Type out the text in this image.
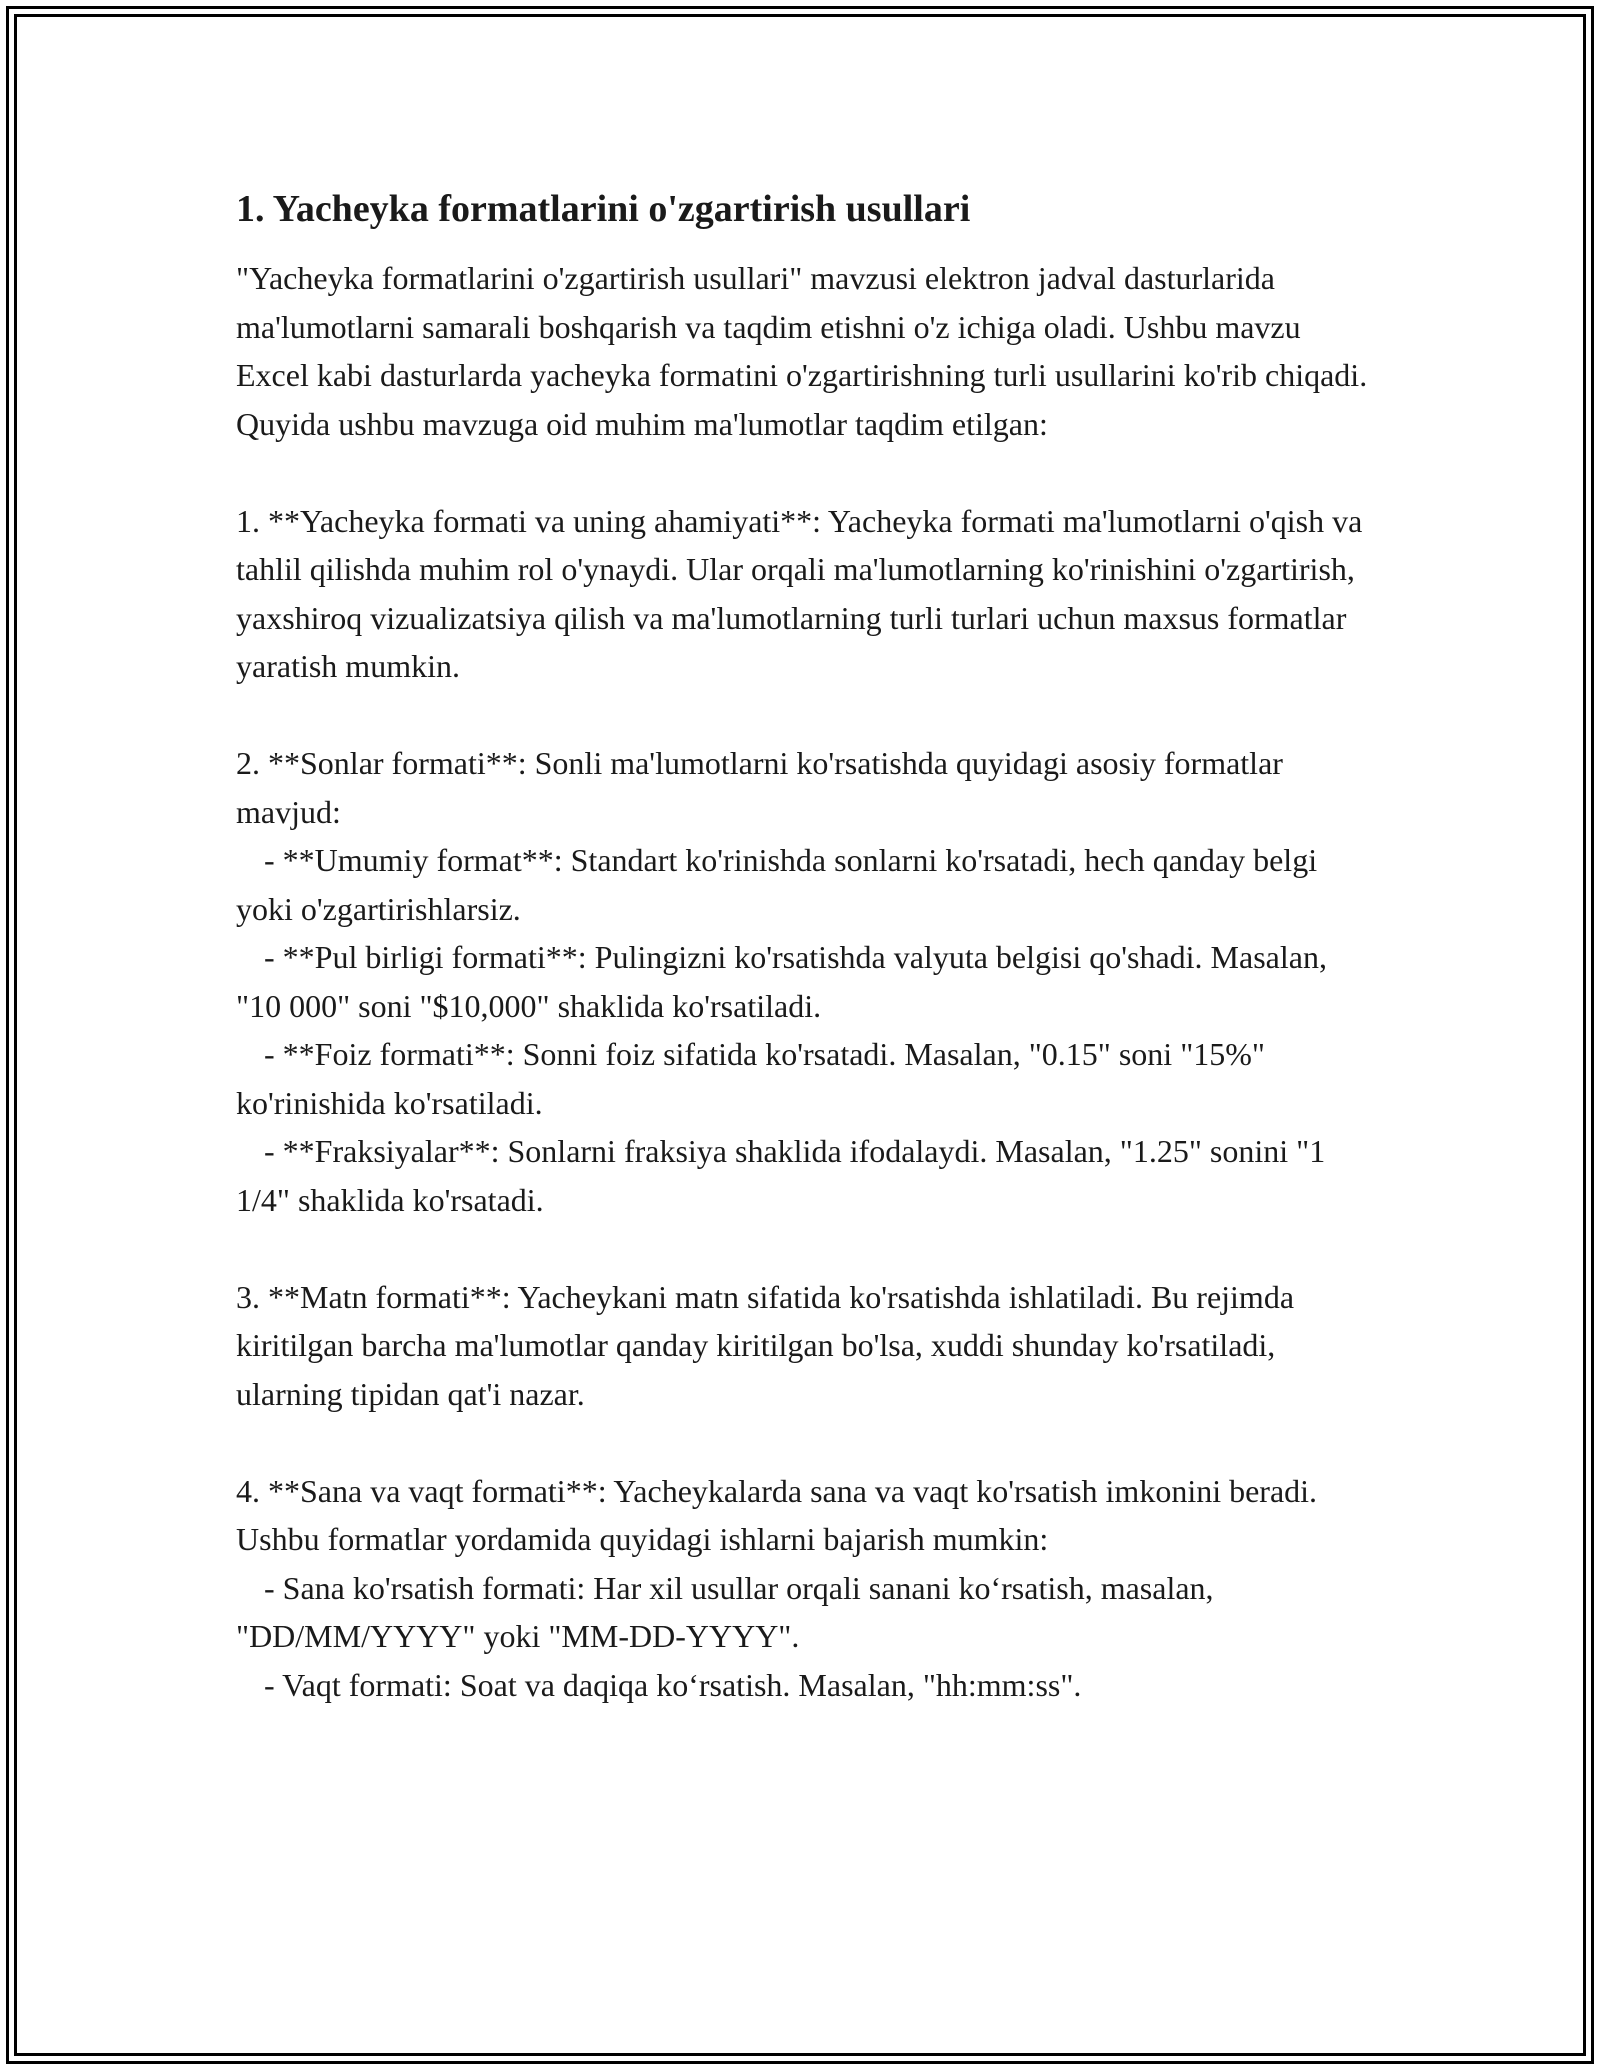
1. Yacheyka formatlarini o'zgartirish usullari

"Yacheyka formatlarini o'zgartirish usullari" mavzusi elektron jadval dasturlarida ma'lumotlarni samarali boshqarish va taqdim etishni o'z ichiga oladi. Ushbu mavzu Excel kabi dasturlarda yacheyka formatini o'zgartirishning turli usullarini ko'rib chiqadi. Quyida ushbu mavzuga oid muhim ma'lumotlar taqdim etilgan:

1. **Yacheyka formati va uning ahamiyati**: Yacheyka formati ma'lumotlarni o'qish va tahlil qilishda muhim rol o'ynaydi. Ular orqali ma'lumotlarning ko'rinishini o'zgartirish, yaxshiroq vizualizatsiya qilish va ma'lumotlarning turli turlari uchun maxsus formatlar yaratish mumkin.

2. **Sonlar formati**: Sonli ma'lumotlarni ko'rsatishda quyidagi asosiy formatlar mavjud:

- **Umumiy format**: Standart ko'rinishda sonlarni ko'rsatadi, hech qanday belgi yoki o'zgartirishlarsiz.

- **Pul birligi formati**: Pulingizni ko'rsatishda valyuta belgisi qo'shadi. Masalan, "10 000" soni "$10,000" shaklida ko'rsatiladi.

- **Foiz formati**: Sonni foiz sifatida ko'rsatadi. Masalan, "0.15" soni "15%" ko'rinishida ko'rsatiladi.

- **Fraksiyalar**: Sonlarni fraksiya shaklida ifodalaydi. Masalan, "1.25" sonini "1 1/4" shaklida ko'rsatadi.

3. **Matn formati**: Yacheykani matn sifatida ko'rsatishda ishlatiladi. Bu rejimda kiritilgan barcha ma'lumotlar qanday kiritilgan bo'lsa, xuddi shunday ko'rsatiladi, ularning tipidan qat'i nazar.

4. **Sana va vaqt formati**: Yacheykalarda sana va vaqt ko'rsatish imkonini beradi. Ushbu formatlar yordamida quyidagi ishlarni bajarish mumkin:

- Sana ko'rsatish formati: Har xil usullar orqali sanani ko‘rsatish, masalan, "DD/MM/YYYY" yoki "MM-DD-YYYY".

- Vaqt formati: Soat va daqiqa ko‘rsatish. Masalan, "hh:mm:ss".
